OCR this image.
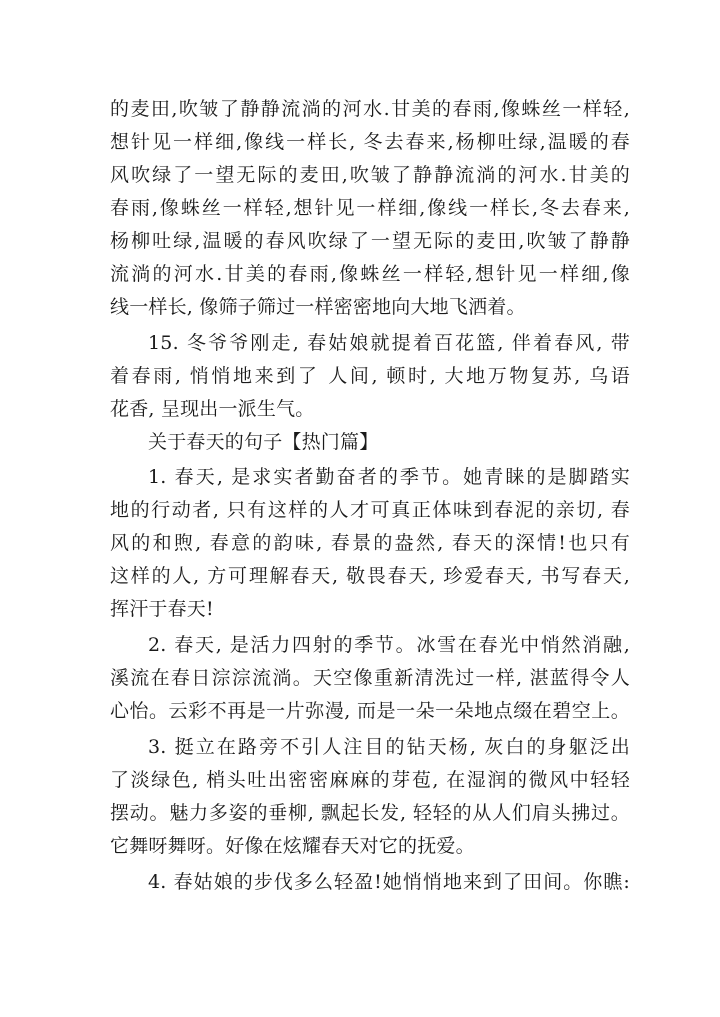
的麦田,吹皱了静静流淌的河水.甘美的春雨,像蛛丝一样轻,
想针见一样细,像线一样长, 冬去春来,杨柳吐绿,温暖的春
风吹绿了一望无际的麦田,吹皱了静静流淌的河水.甘美的
春雨,像蛛丝一样轻,想针见一样细,像线一样长,冬去春来,
杨柳吐绿,温暖的春风吹绿了一望无际的麦田,吹皱了静静
流淌的河水.甘美的春雨,像蛛丝一样轻,想针见一样细,像
线一样长, 像筛子筛过一样密密地向大地飞洒着。
15. 冬爷爷刚走, 春姑娘就提着百花篮, 伴着春风, 带
着春雨, 悄悄地来到了 人间, 顿时, 大地万物复苏, 乌语
花香, 呈现出一派生气。
关于春天的句子【热门篇】
1. 春天, 是求实者勤奋者的季节。她青睐的是脚踏实
地的行动者, 只有这样的人才可真正体味到春泥的亲切, 春
风的和煦, 春意的韵味, 春景的盎然, 春天的深情!也只有
这样的人, 方可理解春天, 敬畏春天, 珍爱春天, 书写春天,
挥汗于春天!
2. 春天, 是活力四射的季节。冰雪在春光中悄然消融,
溪流在春日淙淙流淌。天空像重新清洗过一样, 湛蓝得令人
心怡。云彩不再是一片弥漫, 而是一朵一朵地点缀在碧空上。
3. 挺立在路旁不引人注目的钻天杨, 灰白的身躯泛出
了淡绿色, 梢头吐出密密麻麻的芽苞, 在湿润的微风中轻轻
摆动。魅力多姿的垂柳, 飘起长发, 轻轻的从人们肩头拂过。
它舞呀舞呀。好像在炫耀春天对它的抚爱。
4. 春姑娘的步伐多么轻盈!她悄悄地来到了田间。你瞧:
